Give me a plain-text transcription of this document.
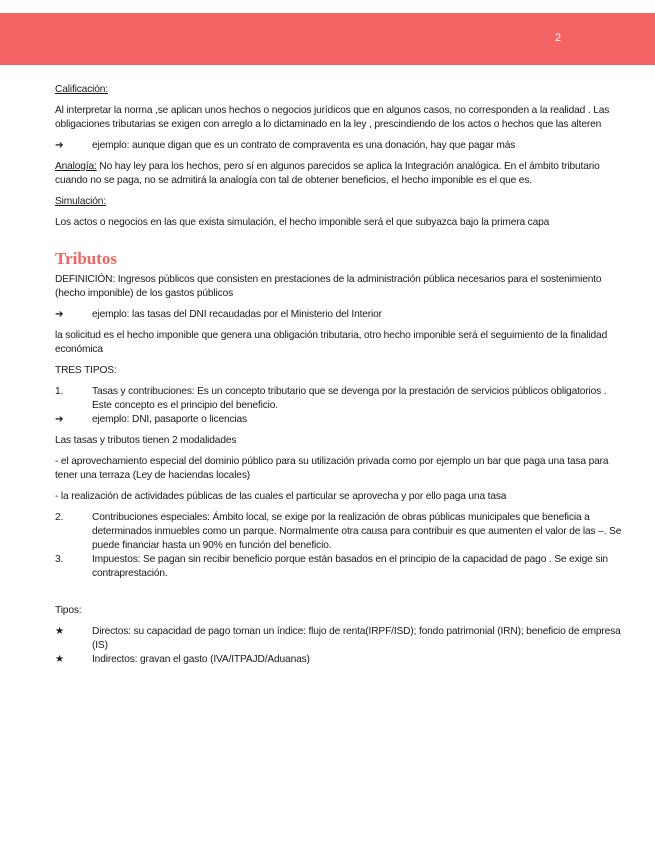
2

Calificación:

Al interpretar la norma ,se aplican unos hechos o negocios jurídicos que en algunos casos, no corresponden a la realidad . Las obligaciones tributarias se exigen con arreglo a lo dictaminado en la ley , prescindiendo de los actos o hechos que las alteren

➔	ejemplo: aunque digan que es un contrato de compraventa es una donación, hay que pagar más

Analogía: No hay ley para los hechos, pero sí en algunos parecidos se aplica la Integración analógica. En el ámbito tributario cuando no se paga, no se admitirá la analogía con tal de obtener beneficios, el hecho imponible es el que es.

Simulación:

Los actos o negocios en las que exista simulación, el hecho imponible será el que subyazca bajo la primera capa

Tributos

DEFINICIÓN: Ingresos públicos que consisten en prestaciones de la administración pública necesarios para el sostenimiento (hecho imponible) de los gastos públicos

➔	ejemplo: las tasas del DNI recaudadas por el Ministerio del Interior

la solicitud es el hecho imponible que genera una obligación tributaria, otro hecho imponible será el seguimiento de la finalidad económica

TRES TIPOS:

1.	Tasas y contribuciones: Es un concepto tributario que se devenga por la prestación de servicios públicos obligatorios . Este concepto es el principio del beneficio.
➔	ejemplo: DNI, pasaporte o licencias

Las tasas y tributos tienen 2 modalidades

- el aprovechamiento especial del dominio público para su utilización privada como por ejemplo un bar que paga una tasa para tener una terraza (Ley de haciendas locales)

- la realización de actividades públicas de las cuales el particular se aprovecha y por ello paga una tasa

2.	Contribuciones especiales: Ámbito local, se exige por la realización de obras públicas municipales que beneficia a determinados inmuebles como un parque. Normalmente otra causa para contribuir es que aumenten el valor de las –. Se puede financiar hasta un 90% en función del beneficio.
3.	Impuestos: Se pagan sin recibir beneficio porque están basados en el principio de la capacidad de pago . Se exige sin contraprestación.

Tipos:

★	Directos: su capacidad de pago toman un índice: flujo de renta(IRPF/ISD); fondo patrimonial (IRN); beneficio de empresa (IS)
★	Indirectos: gravan el gasto (IVA/ITPAJD/Aduanas)
